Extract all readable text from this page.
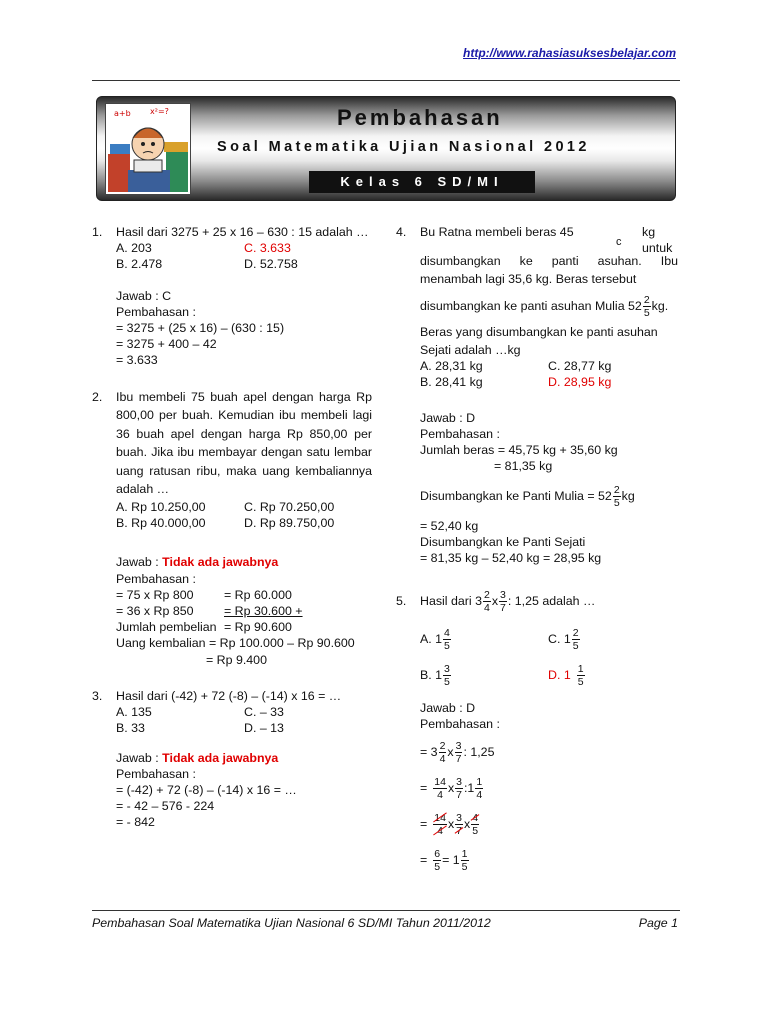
http://www.rahasiasuksesbelajar.com
a+b x²=?	Pembahasan
Soal Matematika Ujian Nasional 2012
Kelas 6 SD/MI
1. Hasil dari 3275 + 25 x 16 – 630 : 15 adalah …
A. 203	C. 3.633
B. 2.478	D. 52.758
Jawab : C
Pembahasan :
= 3275 + (25 x 16) – (630 : 15)
= 3275 + 400 – 42
= 3.633
2. Ibu membeli 75 buah apel dengan harga Rp 800,00 per buah. Kemudian ibu membeli lagi 36 buah apel dengan harga Rp 850,00 per buah. Jika ibu membayar dengan satu lembar uang ratusan ribu, maka uang kembaliannya adalah …
A. Rp 10.250,00	C. Rp 70.250,00
B. Rp 40.000,00	D. Rp 89.750,00
Jawab : Tidak ada jawabnya
Pembahasan :
= 75 x Rp 800 = Rp 60.000
= 36 x Rp 850 = Rp 30.600 +
Jumlah pembelian = Rp 90.600
Uang kembalian = Rp 100.000 – Rp 90.600
= Rp 9.400
3. Hasil dari (-42) + 72 (-8) – (-14) x 16 = …
A. 135	C. – 33
B. 33	D. – 13
Jawab : Tidak ada jawabnya
Pembahasan :
= (-42) + 72 (-8) – (-14) x 16 = …
= - 42 – 576 - 224
= - 842
4. Bu Ratna membeli beras 45	kg untuk
c
disumbangkan ke panti asuhan. Ibu menambah lagi 35,6 kg. Beras tersebut
disumbangkan ke panti asuhan Mulia $52 \frac{2}{5}$ kg.
Beras yang disumbangkan ke panti asuhan
Sejati adalah …kg
A. 28,31 kg	C. 28,77 kg
B. 28,41 kg	D. 28,95 kg
Jawab : D
Pembahasan :
Jumlah beras = 45,75 kg + 35,60 kg
= 81,35 kg
Disumbangkan ke Panti Mulia = $52 \frac{2}{5}$ kg
= 52,40 kg
Disumbangkan ke Panti Sejati
= 81,35 kg – 52,40 kg = 28,95 kg
5.	Hasil dari $3 \frac{2}{4}$ x $\frac{3}{7}$ : 1,25 adalah …
A. $1 \frac{4}{5}$	C. $1 \frac{2}{5}$
B. $1 \frac{3}{5}$	D. $1 \frac{1}{5}$
Jawab : D
Pembahasan :
= $3 \frac{2}{4}$ x $\frac{3}{7}$ : 1,25
= $\frac{14}{4}$ x $\frac{3}{7}$ :1 $\frac{1}{4}$
= $\frac{14}{4}$ x $\frac{3}{7}$ x $\frac{4}{5}$
= $\frac{6}{5} = 1 \frac{1}{5}$
Pembahasan Soal Matematika Ujian Nasional 6 SD/MI Tahun 2011/2012	Page 1
